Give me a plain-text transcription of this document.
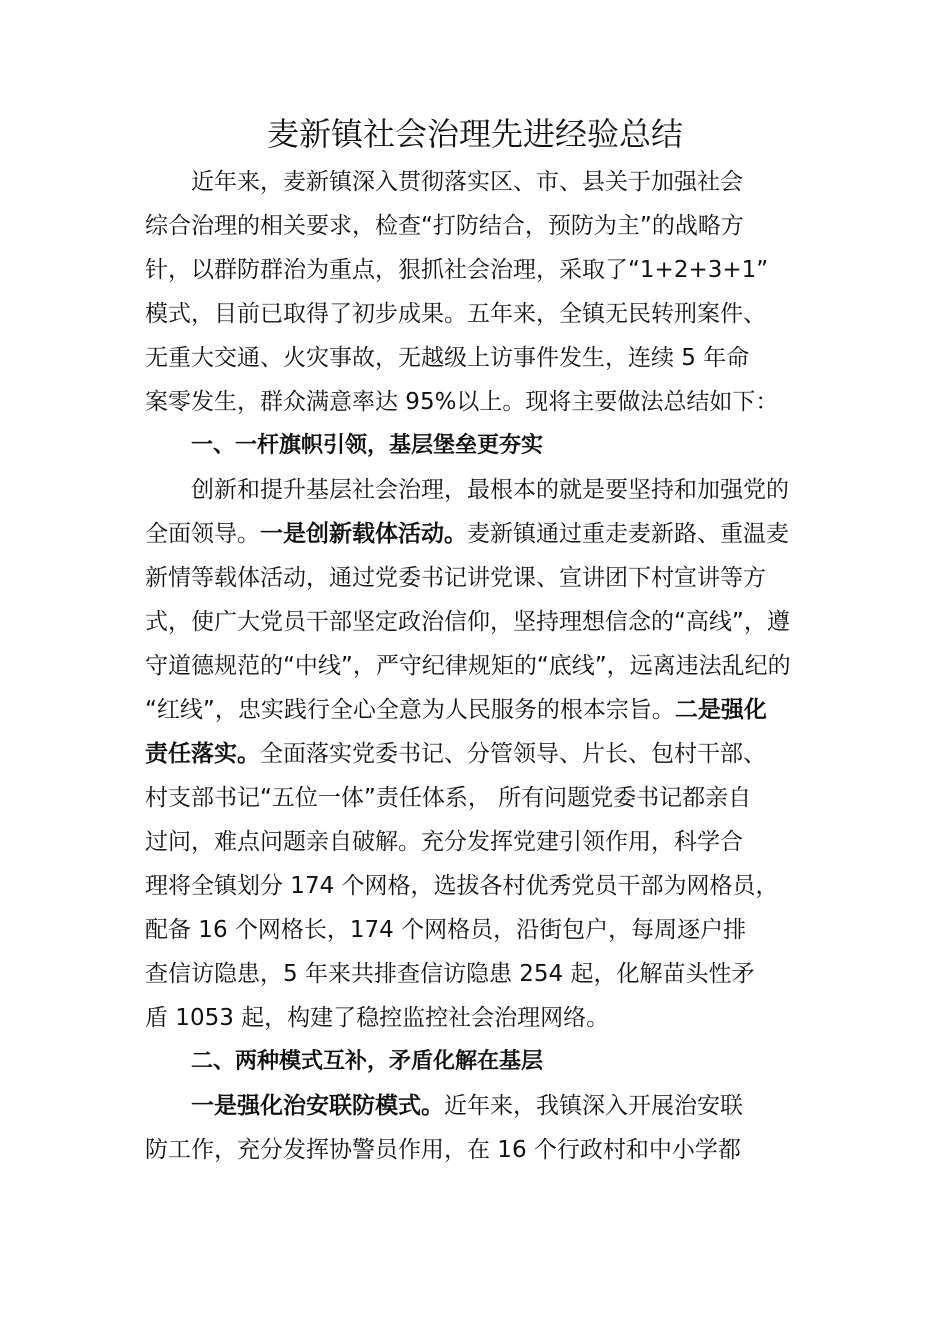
麦新镇社会治理先进经验总结
近年来，麦新镇深入贯彻落实区、市、县关于加强社会
综合治理的相关要求，检查“打防结合，预防为主”的战略方
针，以群防群治为重点，狠抓社会治理，采取了“1+2+3+1”
模式，目前已取得了初步成果。五年来，全镇无民转刑案件、
无重大交通、火灾事故，无越级上访事件发生，连续 5 年命
案零发生，群众满意率达 95%以上。现将主要做法总结如下：
一、一杆旗帜引领，基层堡垒更夯实
创新和提升基层社会治理，最根本的就是要坚持和加强党的
全面领导。一是创新载体活动。麦新镇通过重走麦新路、重温麦
新情等载体活动，通过党委书记讲党课、宣讲团下村宣讲等方
式，使广大党员干部坚定政治信仰，坚持理想信念的“高线”，遵
守道德规范的“中线”，严守纪律规矩的“底线”，远离违法乱纪的
“红线”，忠实践行全心全意为人民服务的根本宗旨。二是强化
责任落实。全面落实党委书记、分管领导、片长、包村干部、
村支部书记“五位一体”责任体系， 所有问题党委书记都亲自
过问，难点问题亲自破解。充分发挥党建引领作用，科学合
理将全镇划分 174 个网格，选拔各村优秀党员干部为网格员，
配备 16 个网格长，174 个网格员，沿街包户，每周逐户排
查信访隐患，5 年来共排查信访隐患 254 起，化解苗头性矛
盾 1053 起，构建了稳控监控社会治理网络。
二、两种模式互补，矛盾化解在基层
一是强化治安联防模式。近年来，我镇深入开展治安联
防工作，充分发挥协警员作用，在 16 个行政村和中小学都
